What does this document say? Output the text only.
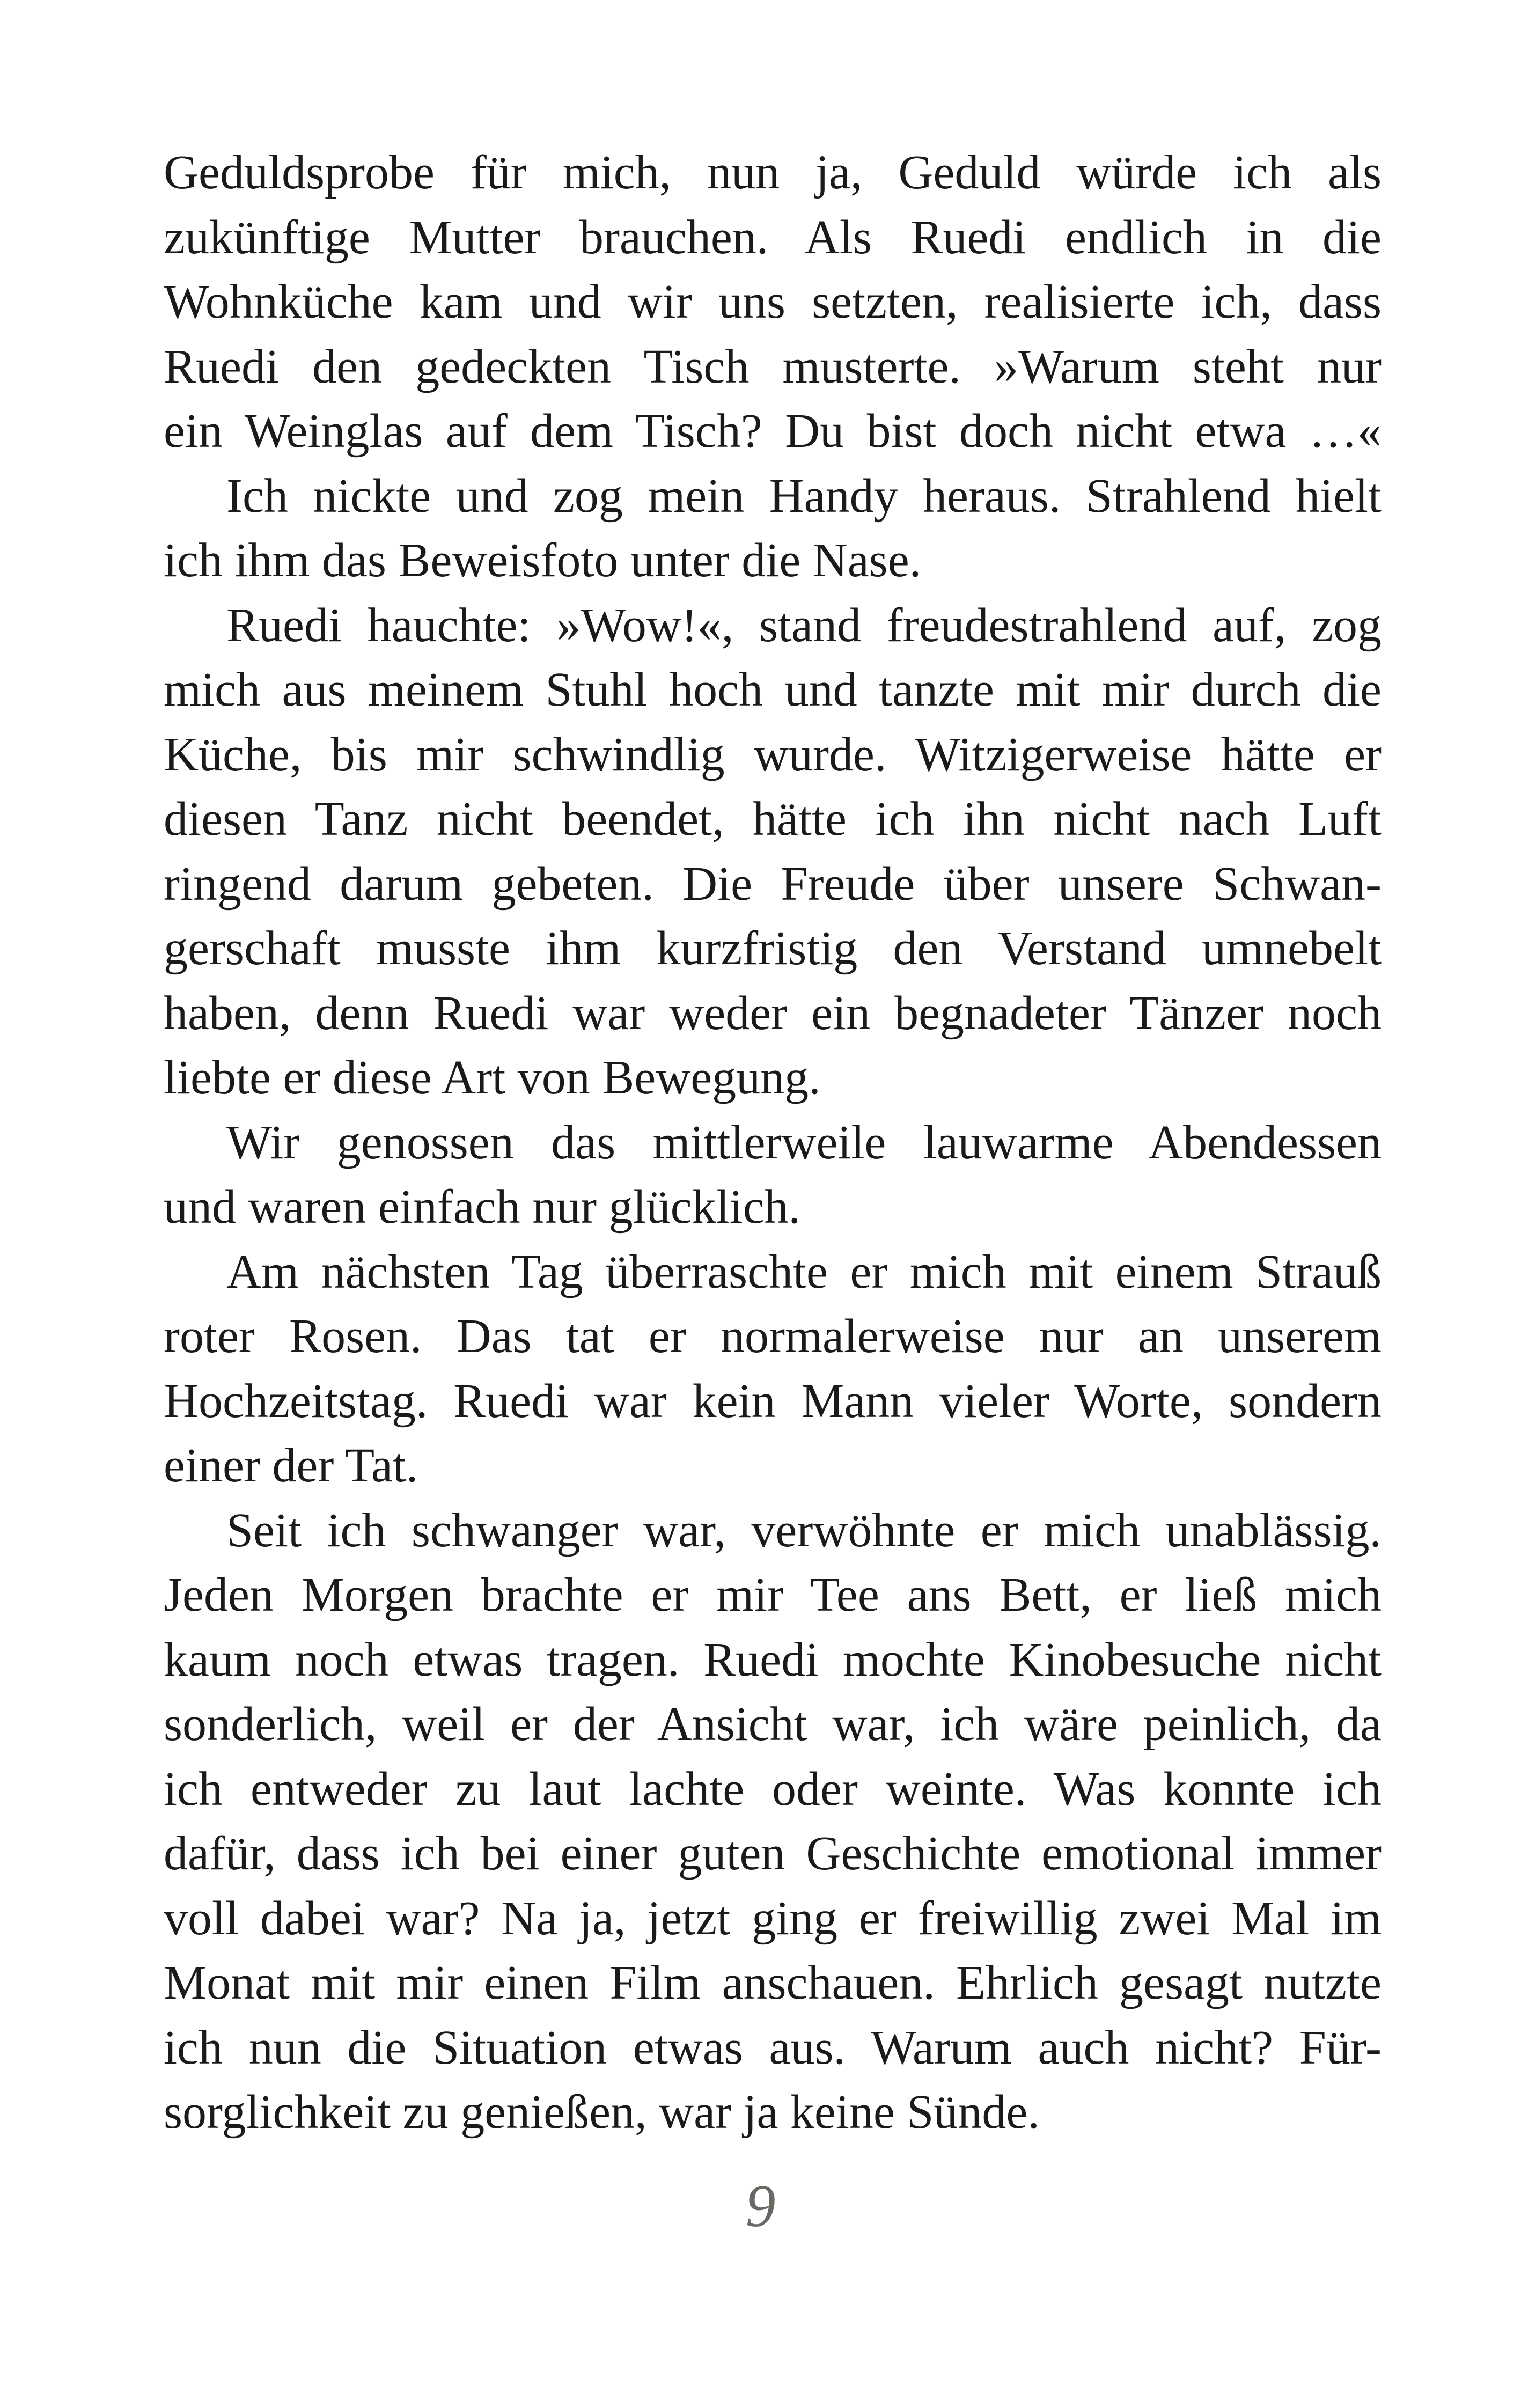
Geduldsprobe für mich, nun ja, Geduld würde ich als
zukünftige Mutter brauchen. Als Ruedi endlich in die
Wohnküche kam und wir uns setzten, realisierte ich, dass
Ruedi den gedeckten Tisch musterte. »Warum steht nur
ein Weinglas auf dem Tisch? Du bist doch nicht etwa …«
Ich nickte und zog mein Handy heraus. Strahlend hielt
ich ihm das Beweisfoto unter die Nase.
Ruedi hauchte: »Wow!«, stand freudestrahlend auf, zog
mich aus meinem Stuhl hoch und tanzte mit mir durch die
Küche, bis mir schwindlig wurde. Witzigerweise hätte er
diesen Tanz nicht beendet, hätte ich ihn nicht nach Luft
ringend darum gebeten. Die Freude über unsere Schwan-
gerschaft musste ihm kurzfristig den Verstand umnebelt
haben, denn Ruedi war weder ein begnadeter Tänzer noch
liebte er diese Art von Bewegung.
Wir genossen das mittlerweile lauwarme Abendessen
und waren einfach nur glücklich.
Am nächsten Tag überraschte er mich mit einem Strauß
roter Rosen. Das tat er normalerweise nur an unserem
Hochzeitstag. Ruedi war kein Mann vieler Worte, sondern
einer der Tat.
Seit ich schwanger war, verwöhnte er mich unablässig.
Jeden Morgen brachte er mir Tee ans Bett, er ließ mich
kaum noch etwas tragen. Ruedi mochte Kinobesuche nicht
sonderlich, weil er der Ansicht war, ich wäre peinlich, da
ich entweder zu laut lachte oder weinte. Was konnte ich
dafür, dass ich bei einer guten Geschichte emotional immer
voll dabei war? Na ja, jetzt ging er freiwillig zwei Mal im
Monat mit mir einen Film anschauen. Ehrlich gesagt nutzte
ich nun die Situation etwas aus. Warum auch nicht? Für-
sorglichkeit zu genießen, war ja keine Sünde.
9
